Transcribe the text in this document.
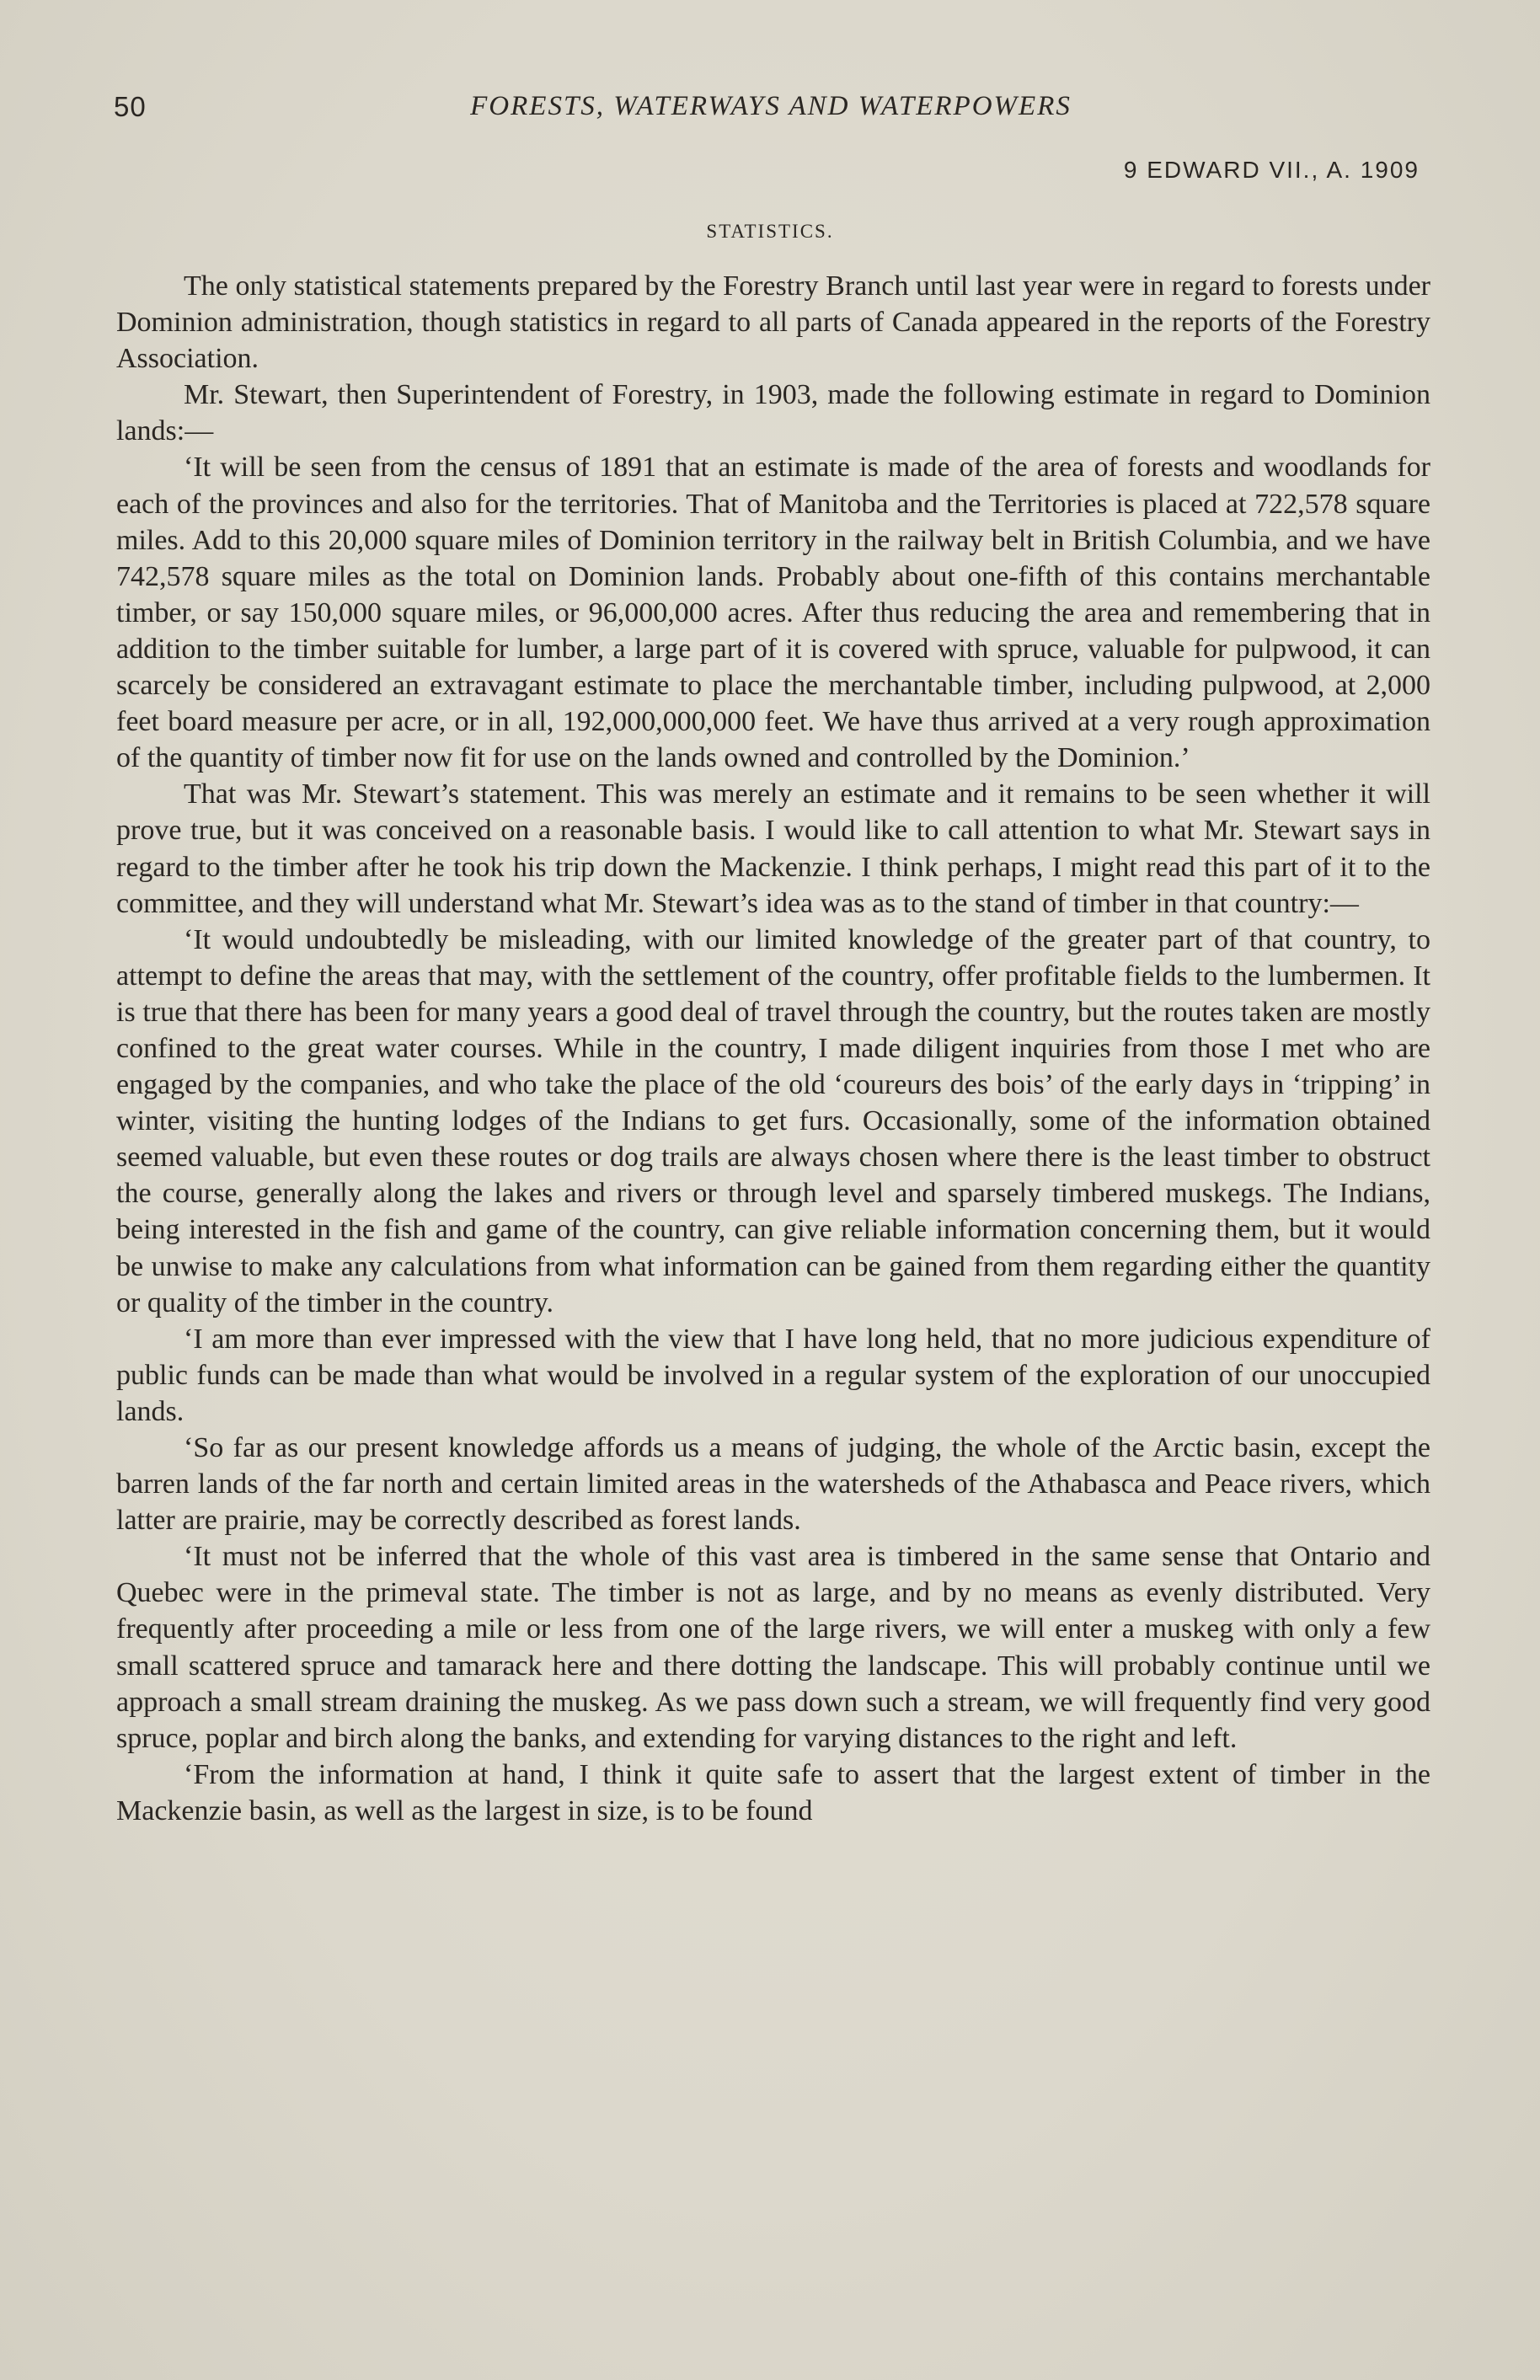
50	FORESTS, WATERWAYS AND WATERPOWERS
9 EDWARD VII., A. 1909
STATISTICS.

The only statistical statements prepared by the Forestry Branch until last year were in regard to forests under Dominion administration, though statistics in regard to all parts of Canada appeared in the reports of the Forestry Association.

Mr. Stewart, then Superintendent of Forestry, in 1903, made the following estimate in regard to Dominion lands:—

‘It will be seen from the census of 1891 that an estimate is made of the area of forests and woodlands for each of the provinces and also for the territories. That of Manitoba and the Territories is placed at 722,578 square miles. Add to this 20,000 square miles of Dominion territory in the railway belt in British Columbia, and we have 742,578 square miles as the total on Dominion lands. Probably about one-fifth of this contains merchantable timber, or say 150,000 square miles, or 96,000,000 acres. After thus reducing the area and remembering that in addition to the timber suitable for lumber, a large part of it is covered with spruce, valuable for pulpwood, it can scarcely be considered an extravagant estimate to place the merchantable timber, including pulpwood, at 2,000 feet board measure per acre, or in all, 192,000,000,000 feet. We have thus arrived at a very rough approximation of the quantity of timber now fit for use on the lands owned and controlled by the Dominion.’

That was Mr. Stewart’s statement. This was merely an estimate and it remains to be seen whether it will prove true, but it was conceived on a reasonable basis. I would like to call attention to what Mr. Stewart says in regard to the timber after he took his trip down the Mackenzie. I think perhaps, I might read this part of it to the committee, and they will understand what Mr. Stewart’s idea was as to the stand of timber in that country:—

‘It would undoubtedly be misleading, with our limited knowledge of the greater part of that country, to attempt to define the areas that may, with the settlement of the country, offer profitable fields to the lumbermen. It is true that there has been for many years a good deal of travel through the country, but the routes taken are mostly confined to the great water courses. While in the country, I made diligent inquiries from those I met who are engaged by the companies, and who take the place of the old ‘coureurs des bois’ of the early days in ‘tripping’ in winter, visiting the hunting lodges of the Indians to get furs. Occasionally, some of the information obtained seemed valuable, but even these routes or dog trails are always chosen where there is the least timber to obstruct the course, generally along the lakes and rivers or through level and sparsely timbered muskegs. The Indians, being interested in the fish and game of the country, can give reliable information concerning them, but it would be unwise to make any calculations from what information can be gained from them regarding either the quantity or quality of the timber in the country.

‘I am more than ever impressed with the view that I have long held, that no more judicious expenditure of public funds can be made than what would be involved in a regular system of the exploration of our unoccupied lands.

‘So far as our present knowledge affords us a means of judging, the whole of the Arctic basin, except the barren lands of the far north and certain limited areas in the watersheds of the Athabasca and Peace rivers, which latter are prairie, may be correctly described as forest lands.

‘It must not be inferred that the whole of this vast area is timbered in the same sense that Ontario and Quebec were in the primeval state. The timber is not as large, and by no means as evenly distributed. Very frequently after proceeding a mile or less from one of the large rivers, we will enter a muskeg with only a few small scattered spruce and tamarack here and there dotting the landscape. This will probably continue until we approach a small stream draining the muskeg. As we pass down such a stream, we will frequently find very good spruce, poplar and birch along the banks, and extending for varying distances to the right and left.

‘From the information at hand, I think it quite safe to assert that the largest extent of timber in the Mackenzie basin, as well as the largest in size, is to be found
